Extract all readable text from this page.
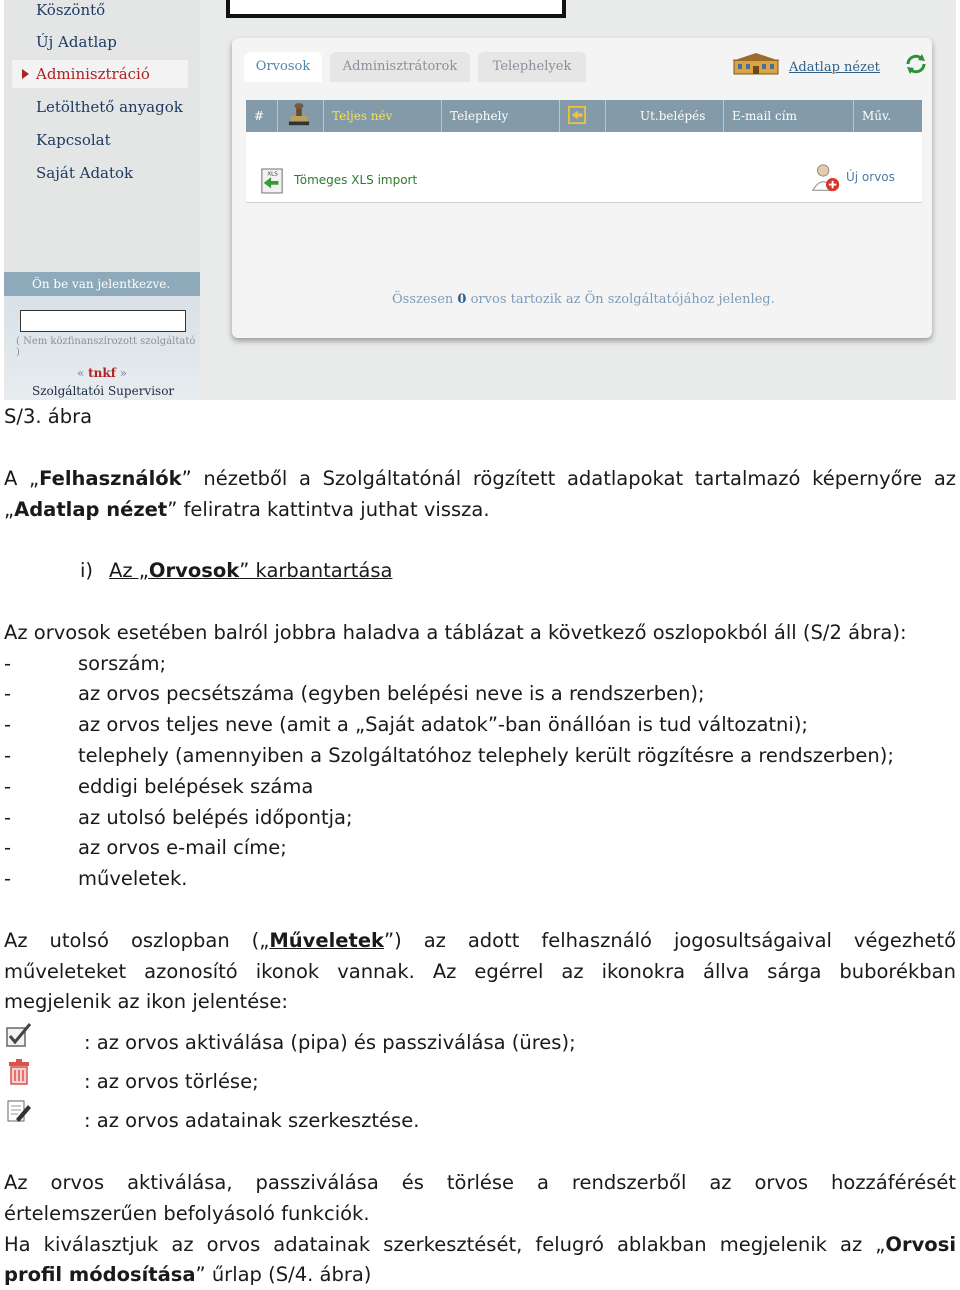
Köszöntő
Új Adatlap
Adminisztráció
Letölthető anyagok
Kapcsolat
Saját Adatok
Ön be van jelentkezve.
( Nem közfinanszírozott szolgáltató )
« tnkf »
Szolgáltatói Supervisor
Orvosok	Adminisztrátorok	Telephelyek	Adatlap nézet
#	Teljes név	Telephely	Ut.belépés	E-mail cím	Műv.
XLS Tömeges XLS import	Új orvos
Összesen 0 orvos tartozik az Ön szolgáltatójához jelenleg.
S/3. ábra
A „Felhasználók” nézetből a Szolgáltatónál rögzített adatlapokat tartalmazó képernyőre az
„Adatlap nézet” feliratra kattintva juthat vissza.
i) Az „Orvosok” karbantartása
Az orvosok esetében balról jobbra haladva a táblázat a következő oszlopokból áll (S/2 ábra):
-	sorszám;
-	az orvos pecsétszáma (egyben belépési neve is a rendszerben);
-	az orvos teljes neve (amit a „Saját adatok”-ban önállóan is tud változatni);
-	telephely (amennyiben a Szolgáltatóhoz telephely került rögzítésre a rendszerben);
-	eddigi belépések száma
-	az utolsó belépés időpontja;
-	az orvos e-mail címe;
-	műveletek.
Az utolsó oszlopban („Műveletek”) az adott felhasználó jogosultságaival végezhető
műveleteket azonosító ikonok vannak. Az egérrel az ikonokra állva sárga buborékban
megjelenik az ikon jelentése:
: az orvos aktiválása (pipa) és passziválása (üres);
: az orvos törlése;
: az orvos adatainak szerkesztése.
Az orvos aktiválása, passziválása és törlése a rendszerből az orvos hozzáférését
értelemszerűen befolyásoló funkciók.
Ha kiválasztjuk az orvos adatainak szerkesztését, felugró ablakban megjelenik az „Orvosi
profil módosítása” űrlap (S/4. ábra)
